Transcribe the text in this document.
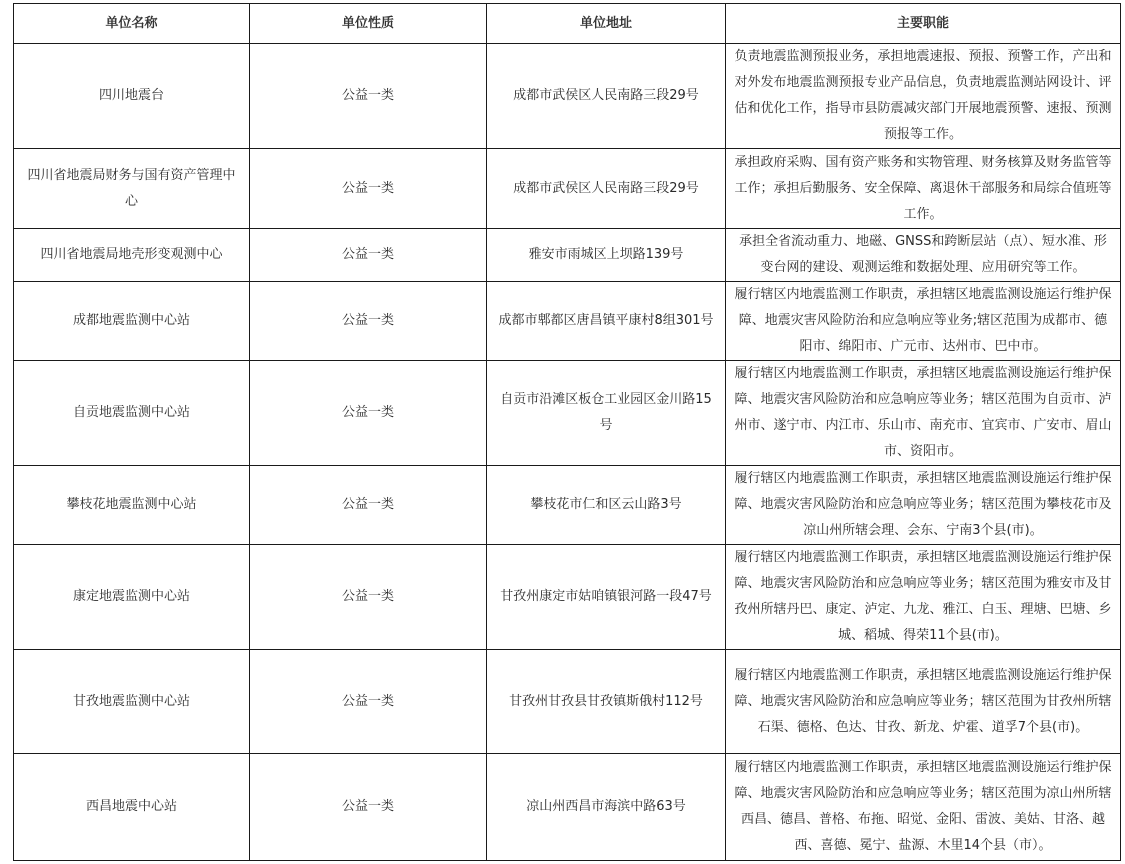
单位名称	单位性质	单位地址	主要职能
四川地震台	公益一类	成都市武侯区人民南路三段29号	负责地震监测预报业务，承担地震速报、预报、预警工作，产出和对外发布地震监测预报专业产品信息，负责地震监测站网设计、评估和优化工作，指导市县防震减灾部门开展地震预警、速报、预测预报等工作。
四川省地震局财务与国有资产管理中心	公益一类	成都市武侯区人民南路三段29号	承担政府采购、国有资产账务和实物管理、财务核算及财务监管等工作；承担后勤服务、安全保障、离退休干部服务和局综合值班等工作。
四川省地震局地壳形变观测中心	公益一类	雅安市雨城区上坝路139号	承担全省流动重力、地磁、GNSS和跨断层站（点）、短水准、形变台网的建设、观测运维和数据处理、应用研究等工作。
成都地震监测中心站	公益一类	成都市郫都区唐昌镇平康村8组301号	履行辖区内地震监测工作职责，承担辖区地震监测设施运行维护保障、地震灾害风险防治和应急响应等业务;辖区范围为成都市、德阳市、绵阳市、广元市、达州市、巴中市。
自贡地震监测中心站	公益一类	自贡市沿滩区板仓工业园区金川路15号	履行辖区内地震监测工作职责，承担辖区地震监测设施运行维护保障、地震灾害风险防治和应急响应等业务；辖区范围为自贡市、泸州市、遂宁市、内江市、乐山市、南充市、宜宾市、广安市、眉山市、资阳市。
攀枝花地震监测中心站	公益一类	攀枝花市仁和区云山路3号	履行辖区内地震监测工作职责，承担辖区地震监测设施运行维护保障、地震灾害风险防治和应急响应等业务；辖区范围为攀枝花市及凉山州所辖会理、会东、宁南3个县(市)。
康定地震监测中心站	公益一类	甘孜州康定市姑咱镇银河路一段47号	履行辖区内地震监测工作职责，承担辖区地震监测设施运行维护保障、地震灾害风险防治和应急响应等业务；辖区范围为雅安市及甘孜州所辖丹巴、康定、泸定、九龙、雅江、白玉、理塘、巴塘、乡城、稻城、得荣11个县(市)。
甘孜地震监测中心站	公益一类	甘孜州甘孜县甘孜镇斯俄村112号	履行辖区内地震监测工作职责，承担辖区地震监测设施运行维护保障、地震灾害风险防治和应急响应等业务；辖区范围为甘孜州所辖石渠、德格、色达、甘孜、新龙、炉霍、道孚7个县(市)。
西昌地震中心站	公益一类	凉山州西昌市海滨中路63号	履行辖区内地震监测工作职责，承担辖区地震监测设施运行维护保障、地震灾害风险防治和应急响应等业务；辖区范围为凉山州所辖西昌、德昌、普格、布拖、昭觉、金阳、雷波、美姑、甘洛、越西、喜德、冕宁、盐源、木里14个县（市）。
